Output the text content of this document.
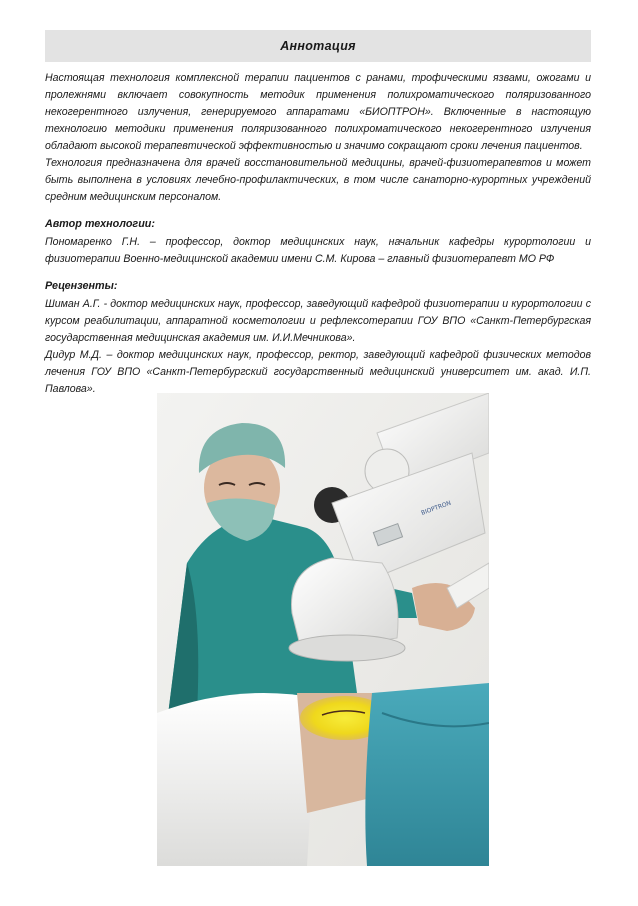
Аннотация

Настоящая технология комплексной терапии пациентов с ранами, трофическими язвами, ожогами и пролежнями включает совокупность методик применения полихроматического поляризованного некогерентного излучения, генерируемого аппаратами «БИОПТРОН». Включенные в настоящую технологию методики применения поляризованного полихроматического некогерентного излучения обладают высокой терапевтической эффективностью и значимо сокращают сроки лечения пациентов.

Технология предназначена для врачей восстановительной медицины, врачей-физиотерапевтов и может быть выполнена в условиях лечебно-профилактических, в том числе санаторно-курортных учреждений средним медицинским персоналом.

Автор технологии:

Пономаренко Г.Н. – профессор, доктор медицинских наук, начальник кафедры курортологии и физиотерапии Военно-медицинской академии имени С.М. Кирова – главный физиотерапевт МО РФ

Рецензенты:

Шиман А.Г. - доктор медицинских наук, профессор, заведующий кафедрой физиотерапии и курортологии с курсом реабилитации, аппаратной косметологии и рефлексотерапии ГОУ ВПО «Санкт-Петербургская государственная медицинская академия им. И.И.Мечникова».

Дидур М.Д. – доктор медицинских наук, профессор, ректор, заведующий кафедрой физических методов лечения ГОУ ВПО «Санкт-Петербургский государственный медицинский университет им. акад. И.П. Павлова».

BIOPTRON
